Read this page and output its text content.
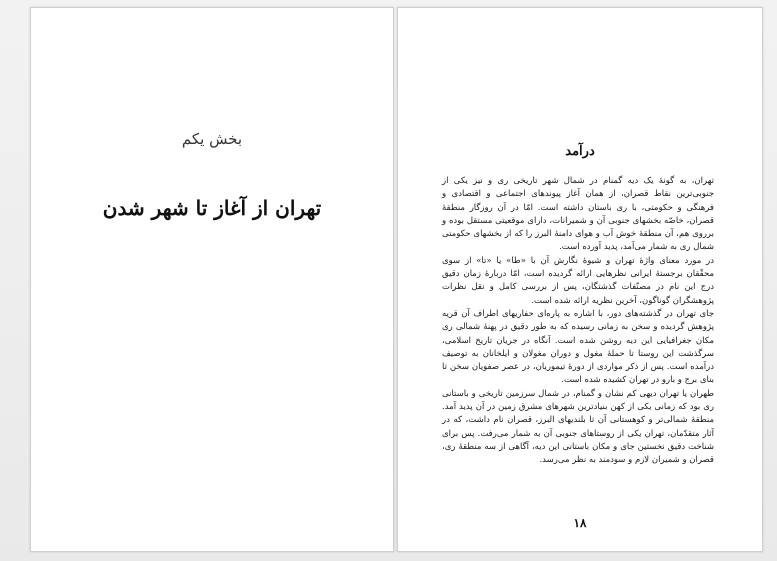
بخش یکم
تهران از آغاز تا شهر شدن
درآمد

تهران، به گونهٔ یک دیه گمنام در شمال شهر تاریخی ری و نیز یکی از جنوبی‌ترین نقاط قصران، از همان آغاز پیوندهای اجتماعی و اقتصادی و فرهنگی و حکومتی، با ری باستان داشته است. امّا در آن روزگار منطقهٔ قصران، خاصّه بخشهای جنوبی آن و شمیرانات، دارای موقعیتی مستقل بوده و برروی هم، آن منطقهٔ خوش آب و هوای دامنهٔ البرز را که از بخشهای حکومتی شمال ری به شمار می‌آمد، پدید آورده است.

در مورد معنای واژهٔ تهران و شیوهٔ نگارش آن با «طا» یا «تا» از سوی محقّقان برجستهٔ ایرانی نظرهایی ارائه گردیده است، امّا دربارهٔ زمان دقیق درج این نام در مصنّفات گذشتگان، پس از بررسی کامل و نقل نظرات پژوهشگران گوناگون، آخرین نظریه ارائه شده است.

جای تهران در گذشته‌های دور، با اشاره به پاره‌ای حفاریهای اطراف آن قریه پژوهش گردیده و سخن به زمانی رسیده که به طور دقیق در پهنهٔ شمالی ری مکان جغرافیایی این دیه روشن شده است. آنگاه در جریان تاریخ اسلامی، سرگذشت این روستا تا حملهٔ مغول و دوران مغولان و ایلخانان به توصیف درآمده است. پس از ذکر مواردی از دورهٔ تیموریان، در عصر صفویان سخن تا بنای برج و بارو در تهران کشیده شده است.

طهران یا تهران دیهی کم نشان و گمنام، در شمال سرزمین تاریخی و باستانی ری بود که زمانی یکی از کهن بنیادترین شهرهای مشرق زمین در آن پدید آمد. منطقهٔ شمالی‌تر و کوهستانی آن تا بلندیهای البرز، قصران نام داشت، که در آثار متقدّمان، تهران یکی از روستاهای جنوبی آن به شمار می‌رفت. پس برای شناخت دقیق نخستین جای و مکان باستانی این دیه، آگاهی از سه منطقهٔ ری، قصران و شمیران لازم و سودمند به نظر می‌رسد.

۱۸
